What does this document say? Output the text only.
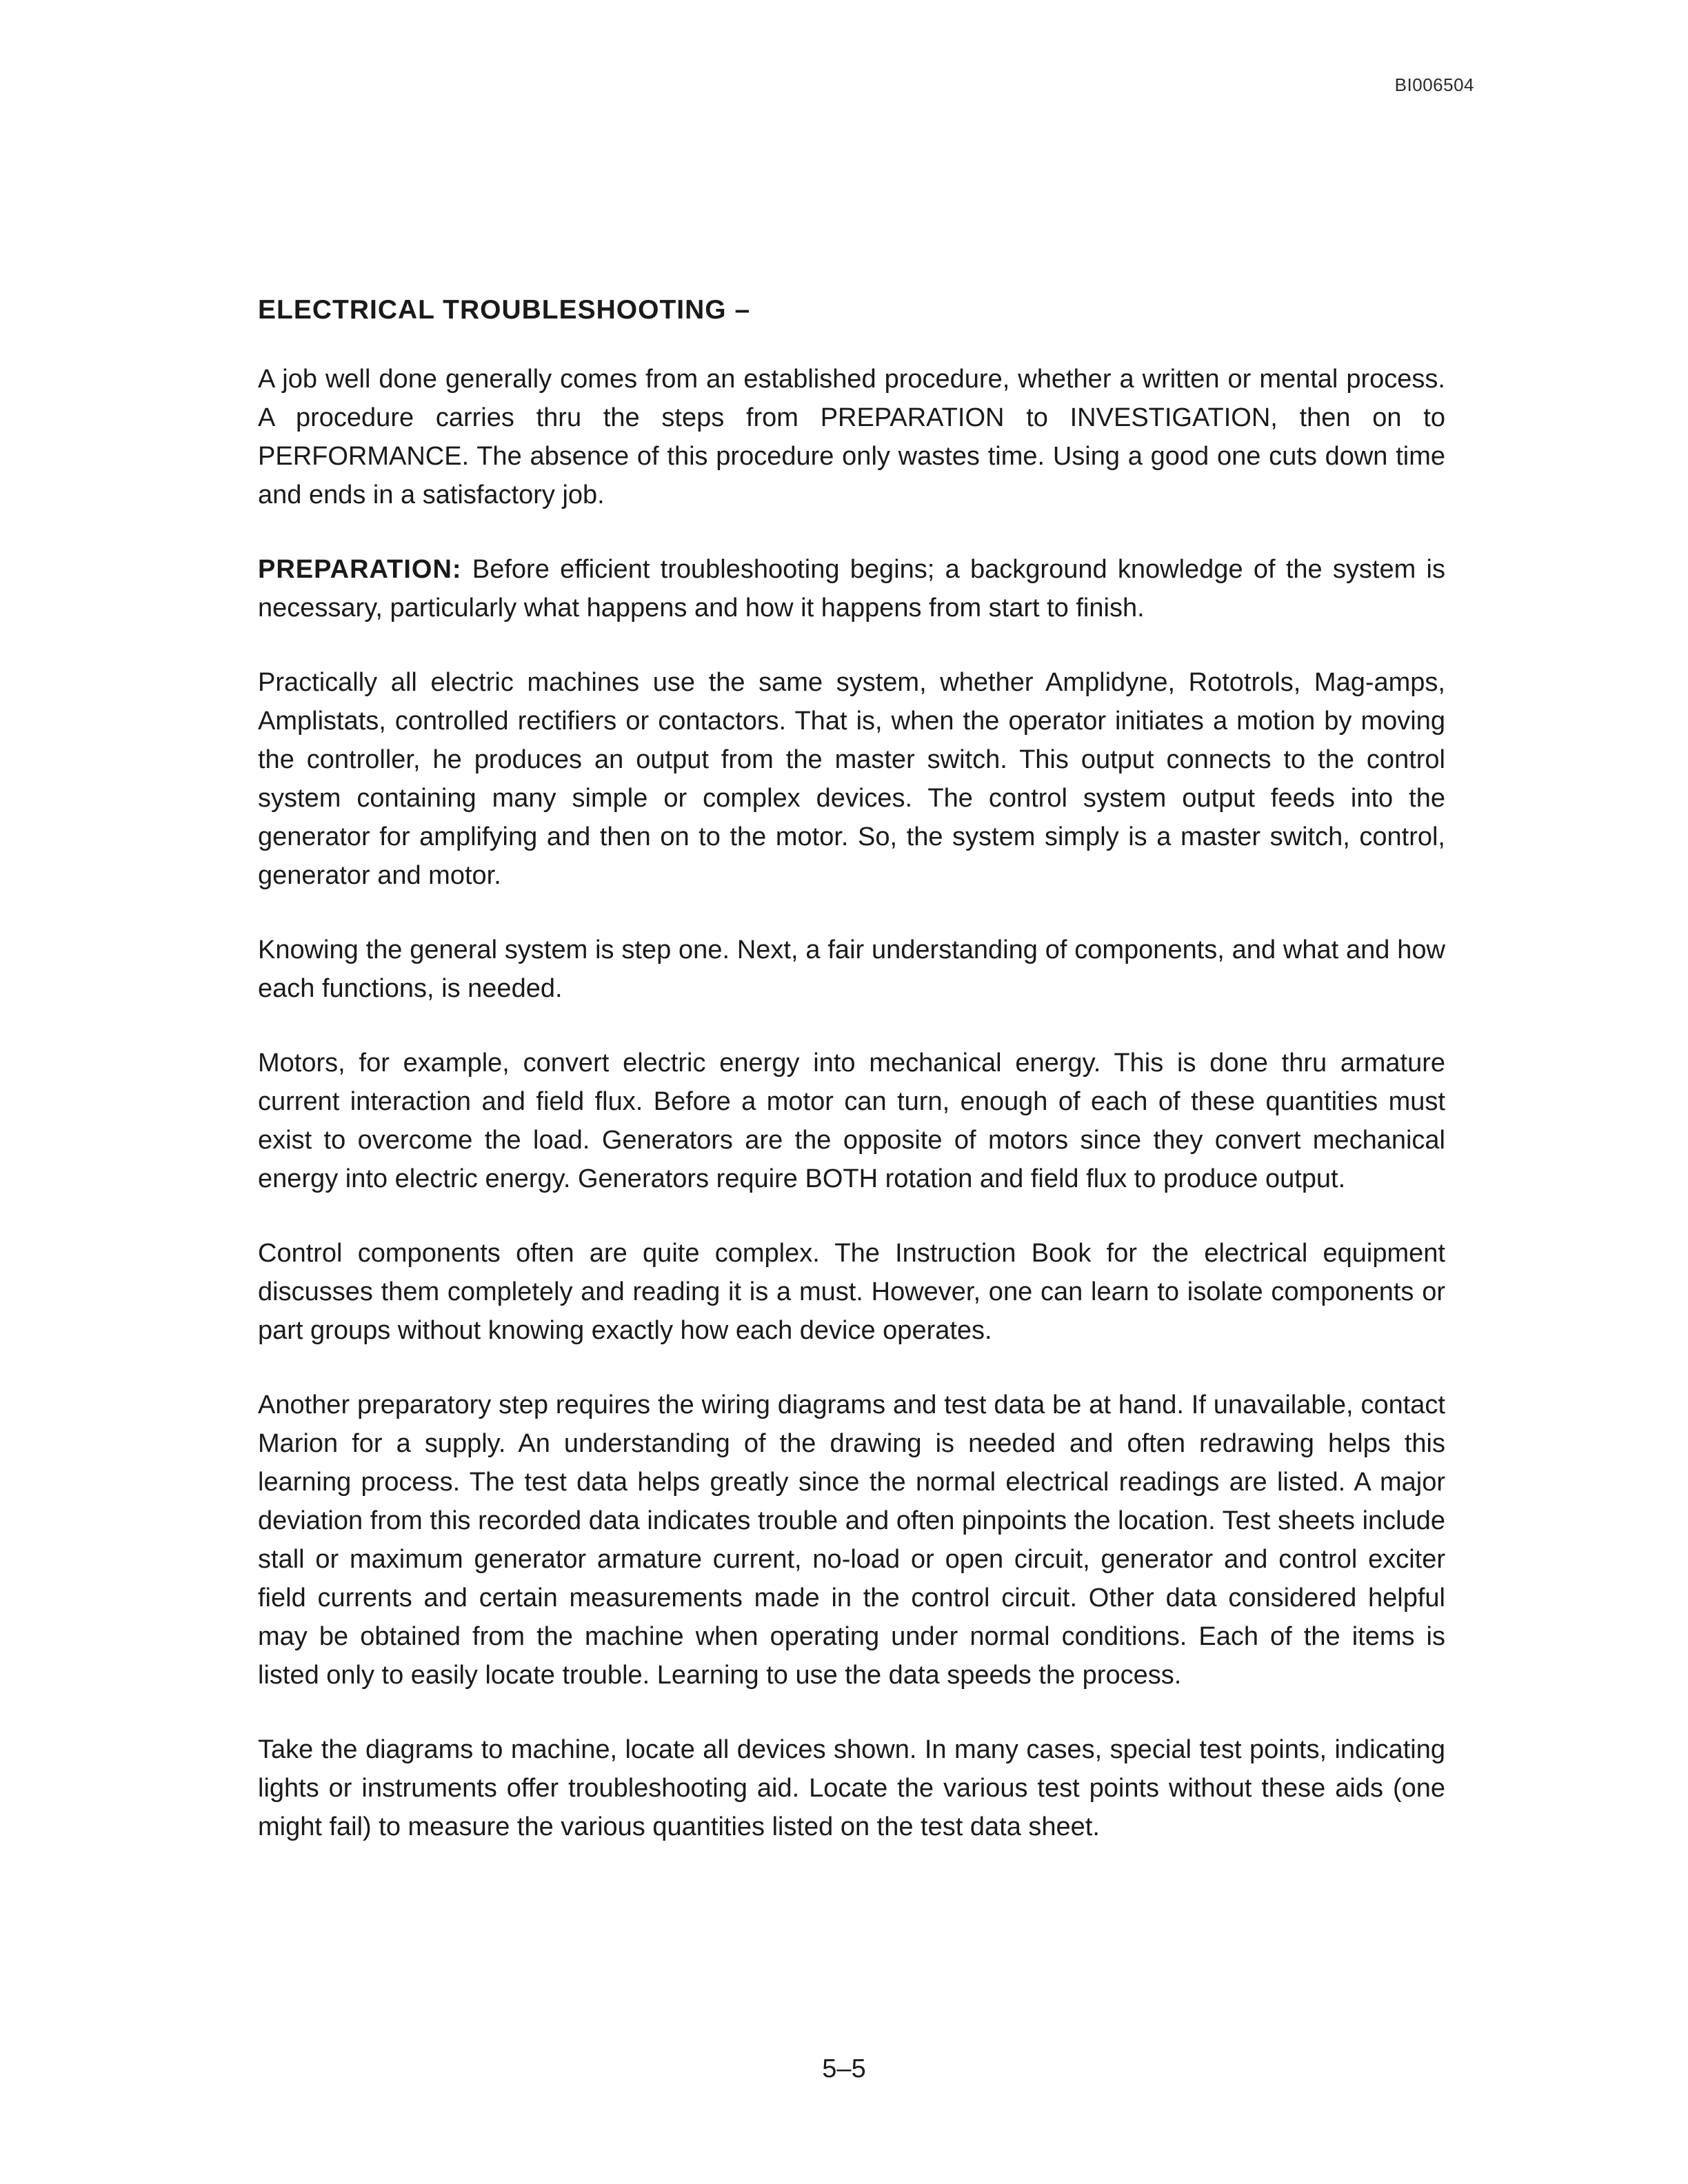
BI006504
ELECTRICAL TROUBLESHOOTING –

A job well done generally comes from an established procedure, whether a written or mental process. A procedure carries thru the steps from PREPARATION to INVESTIGATION, then on to PERFORMANCE. The absence of this procedure only wastes time. Using a good one cuts down time and ends in a satisfactory job.

PREPARATION: Before efficient troubleshooting begins; a background knowledge of the system is necessary, particularly what happens and how it happens from start to finish.

Practically all electric machines use the same system, whether Amplidyne, Rototrols, Mag-amps, Amplistats, controlled rectifiers or contactors. That is, when the operator initiates a motion by moving the controller, he produces an output from the master switch. This output connects to the control system containing many simple or complex devices. The control system output feeds into the generator for amplifying and then on to the motor. So, the system simply is a master switch, control, generator and motor.

Knowing the general system is step one. Next, a fair understanding of components, and what and how each functions, is needed.

Motors, for example, convert electric energy into mechanical energy. This is done thru armature current interaction and field flux. Before a motor can turn, enough of each of these quantities must exist to overcome the load. Generators are the opposite of motors since they convert mechanical energy into electric energy. Generators require BOTH rotation and field flux to produce output.

Control components often are quite complex. The Instruction Book for the electrical equipment discusses them completely and reading it is a must. However, one can learn to isolate components or part groups without knowing exactly how each device operates.

Another preparatory step requires the wiring diagrams and test data be at hand. If unavailable, contact Marion for a supply. An understanding of the drawing is needed and often redrawing helps this learning process. The test data helps greatly since the normal electrical readings are listed. A major deviation from this recorded data indicates trouble and often pinpoints the location. Test sheets include stall or maximum generator armature current, no-load or open circuit, generator and control exciter field currents and certain measurements made in the control circuit. Other data considered helpful may be obtained from the machine when operating under normal conditions. Each of the items is listed only to easily locate trouble. Learning to use the data speeds the process.

Take the diagrams to machine, locate all devices shown. In many cases, special test points, indicating lights or instruments offer troubleshooting aid. Locate the various test points without these aids (one might fail) to measure the various quantities listed on the test data sheet.

5–5
